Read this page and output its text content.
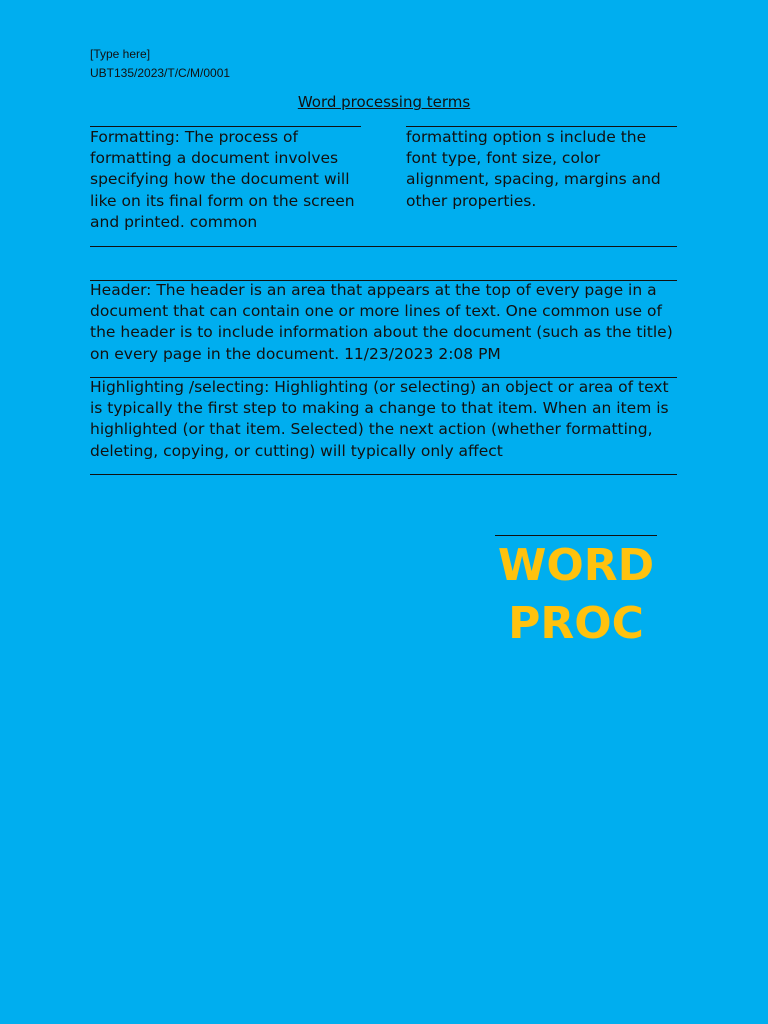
[Type here]
UBT135/2023/T/C/M/0001
Word processing terms

Formatting: The process of formatting a document involves specifying how the document will like on its final form on the screen and printed. common

formatting option s include the font type, font size, color alignment, spacing, margins and other properties.

Header: The header is an area that appears at the top of every page in a document that can contain one or more lines of text. One common use of the header is to include information about the document (such as the title) on every page in the document. 11/23/2023 2:08 PM

Highlighting /selecting: Highlighting (or selecting) an object or area of text is typically the first step to making a change to that item. When an item is highlighted (or that item. Selected) the next action (whether formatting, deleting, copying, or cutting) will typically only affect

WORD
PROC
